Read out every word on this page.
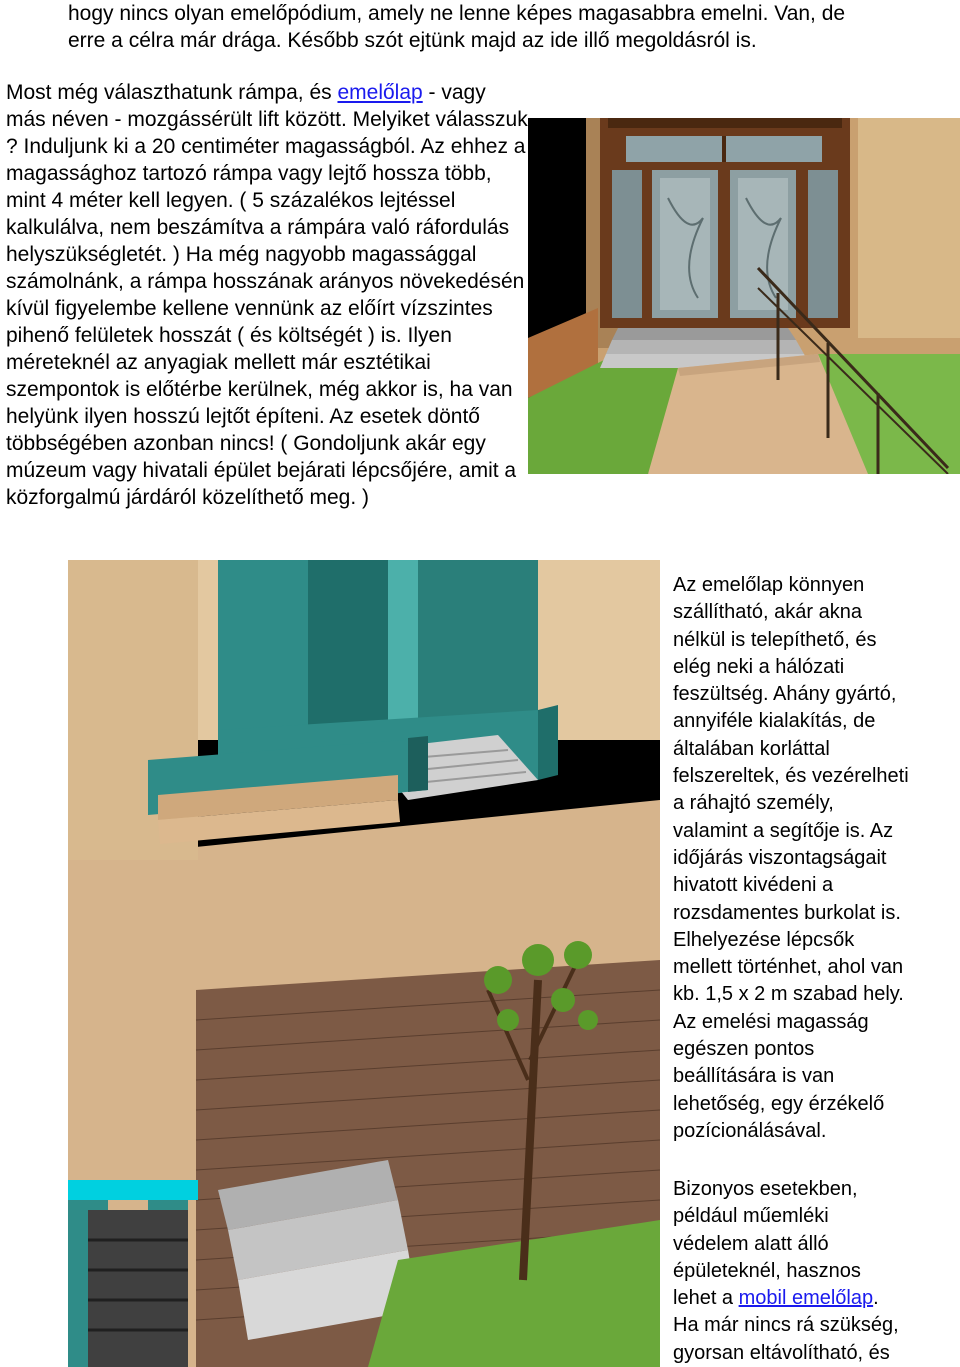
hogy nincs olyan emelőpódium, amely ne lenne képes magasabbra emelni. Van, de
erre a célra már drága. Később szót ejtünk majd az ide illő megoldásról is.
Most még választhatunk rámpa, és emelőlap - vagy
más néven - mozgássérült lift között. Melyiket válasszuk
? Induljunk ki a 20 centiméter magasságból. Az ehhez a
magassághoz tartozó rámpa vagy lejtő hossza több,
mint 4 méter kell legyen. ( 5 százalékos lejtéssel
kalkulálva, nem beszámítva a rámpára való ráfordulás
helyszükségletét. ) Ha még nagyobb magassággal
számolnánk, a rámpa hosszának arányos növekedésén
kívül figyelembe kellene vennünk az előírt vízszintes
pihenő felületek hosszát ( és költségét ) is. Ilyen
méreteknél az anyagiak mellett már esztétikai
szempontok is előtérbe kerülnek, még akkor is, ha van
helyünk ilyen hosszú lejtőt építeni. Az esetek döntő
többségében azonban nincs! ( Gondoljunk akár egy
múzeum vagy hivatali épület bejárati lépcsőjére, amit a
közforgalmú járdáról közelíthető meg. )
Az emelőlap könnyen
szállítható, akár akna
nélkül is telepíthető, és
elég neki a hálózati
feszültség. Ahány gyártó,
annyiféle kialakítás, de
általában korláttal
felszereltek, és vezérelheti
a ráhajtó személy,
valamint a segítője is. Az
időjárás viszontagságait
hivatott kivédeni a
rozsdamentes burkolat is.
Elhelyezése lépcsők
mellett történhet, ahol van
kb. 1,5 x 2 m szabad hely.
Az emelési magasság
egészen pontos
beállítására is van
lehetőség, egy érzékelő
pozícionálásával.
Bizonyos esetekben,
például műemléki
védelem alatt álló
épületeknél, hasznos
lehet a mobil emelőlap.
Ha már nincs rá szükség,
gyorsan eltávolítható, és
